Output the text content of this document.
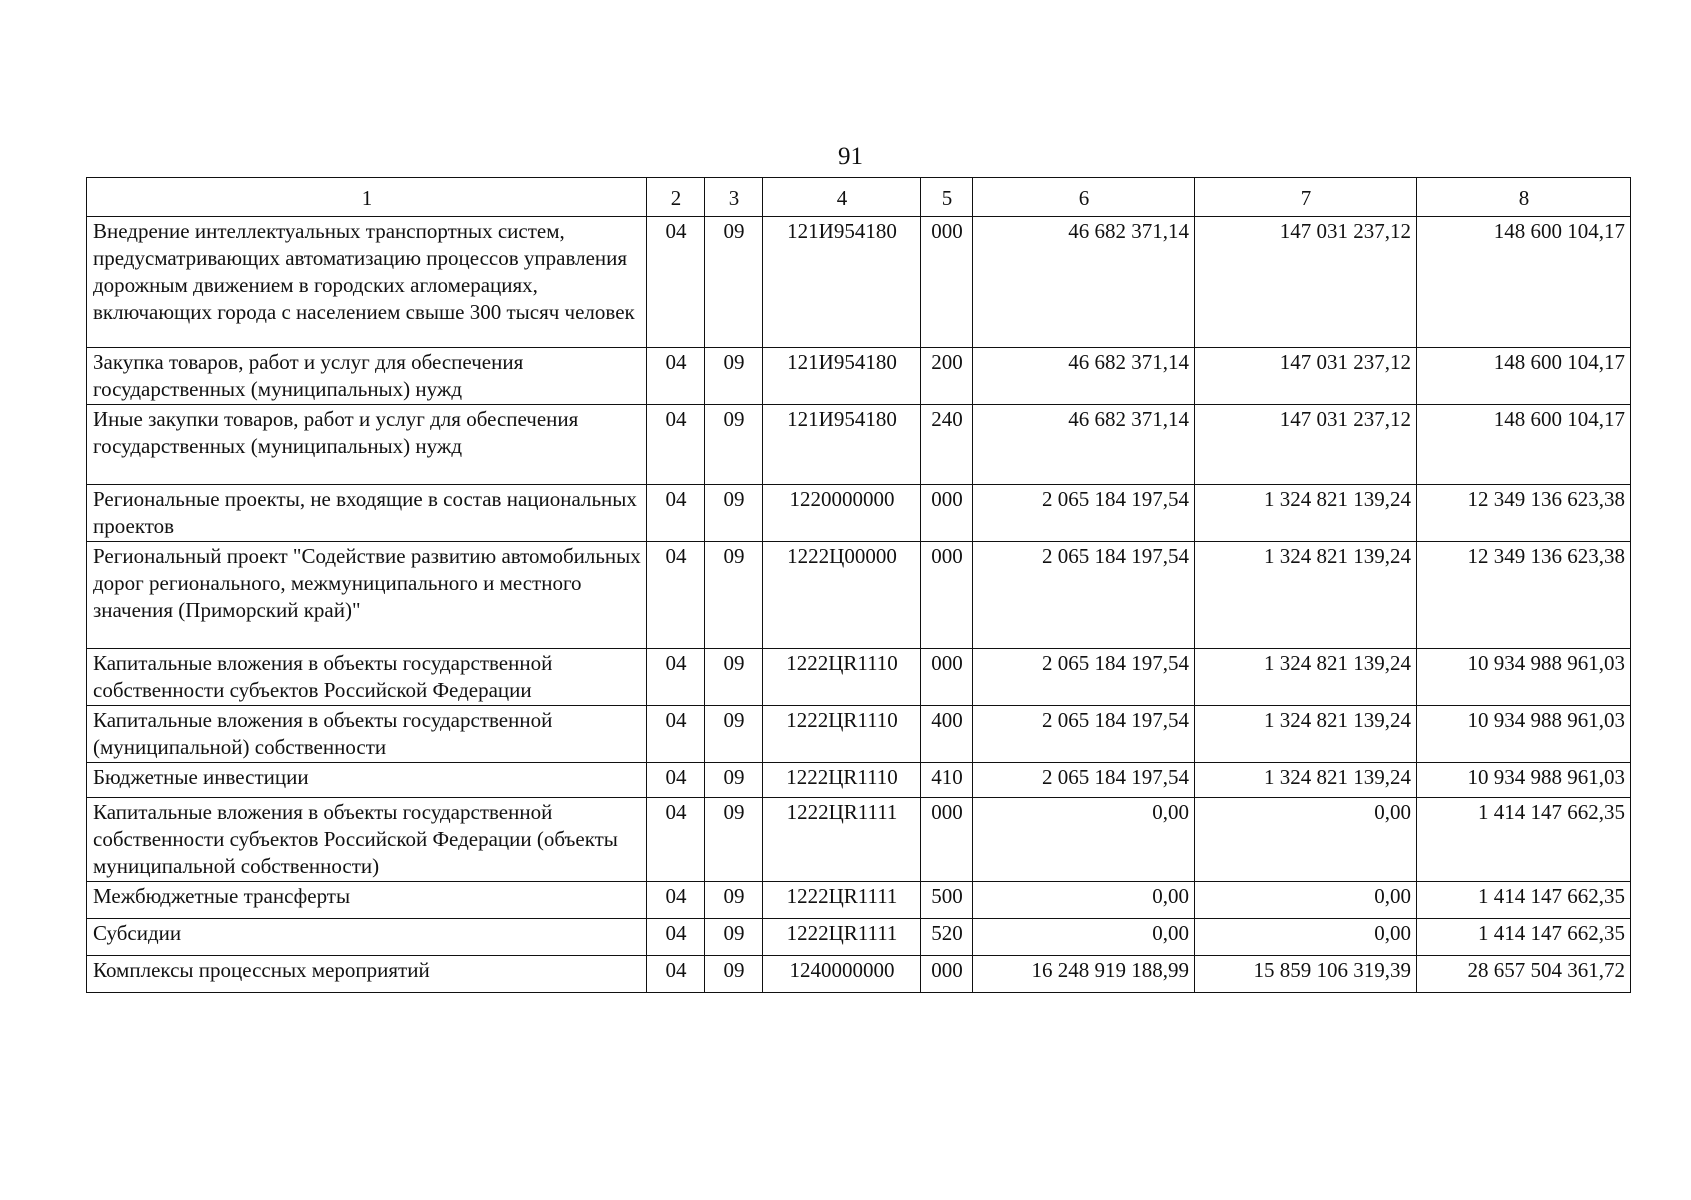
91
1	2	3	4	5	6	7	8
Внедрение интеллектуальных транспортных систем, предусматривающих автоматизацию процессов управления дорожным движением в городских агломерациях, включающих города с населением свыше 300 тысяч человек	04	09	121И954180	000	46 682 371,14	147 031 237,12	148 600 104,17
Закупка товаров, работ и услуг для обеспечения государственных (муниципальных) нужд	04	09	121И954180	200	46 682 371,14	147 031 237,12	148 600 104,17
Иные закупки товаров, работ и услуг для обеспечения государственных (муниципальных) нужд	04	09	121И954180	240	46 682 371,14	147 031 237,12	148 600 104,17
Региональные проекты, не входящие в состав национальных проектов	04	09	1220000000	000	2 065 184 197,54	1 324 821 139,24	12 349 136 623,38
Региональный проект "Содействие развитию автомобильных дорог регионального, межмуниципального и местного значения (Приморский край)"	04	09	1222Ц00000	000	2 065 184 197,54	1 324 821 139,24	12 349 136 623,38
Капитальные вложения в объекты государственной собственности субъектов Российской Федерации	04	09	1222ЦR1110	000	2 065 184 197,54	1 324 821 139,24	10 934 988 961,03
Капитальные вложения в объекты государственной (муниципальной) собственности	04	09	1222ЦR1110	400	2 065 184 197,54	1 324 821 139,24	10 934 988 961,03
Бюджетные инвестиции	04	09	1222ЦR1110	410	2 065 184 197,54	1 324 821 139,24	10 934 988 961,03
Капитальные вложения в объекты государственной собственности субъектов Российской Федерации (объекты муниципальной собственности)	04	09	1222ЦR1111	000	0,00	0,00	1 414 147 662,35
Межбюджетные трансферты	04	09	1222ЦR1111	500	0,00	0,00	1 414 147 662,35
Субсидии	04	09	1222ЦR1111	520	0,00	0,00	1 414 147 662,35
Комплексы процессных мероприятий	04	09	1240000000	000	16 248 919 188,99	15 859 106 319,39	28 657 504 361,72
